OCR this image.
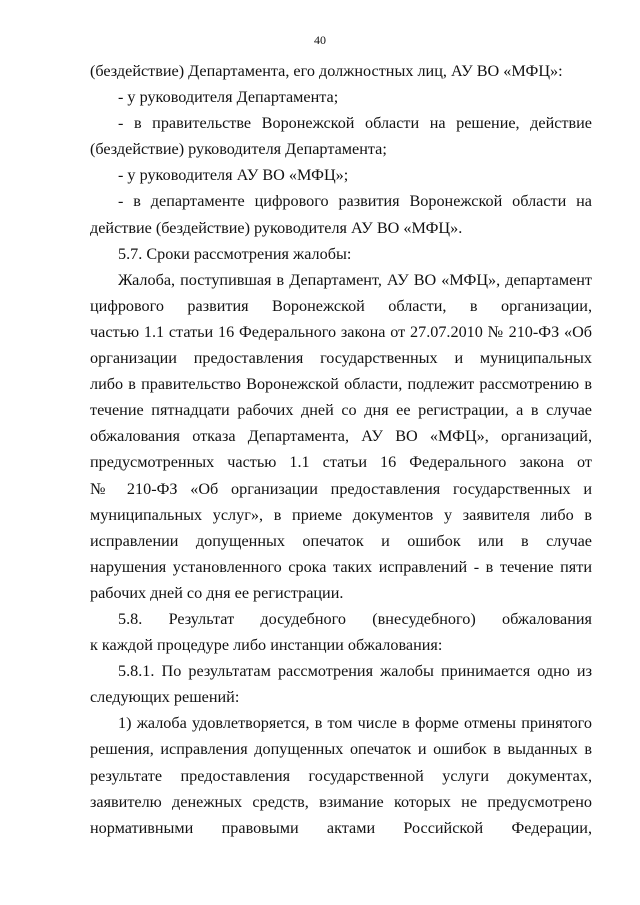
40
(бездействие) Департамента, его должностных лиц, АУ ВО «МФЦ»:
- у руководителя Департамента;
- в правительстве Воронежской области на решение, действие
(бездействие) руководителя Департамента;
- у руководителя АУ ВО «МФЦ»;
- в департаменте цифрового развития Воронежской области на
действие (бездействие) руководителя АУ ВО «МФЦ».
5.7. Сроки рассмотрения жалобы:
Жалоба, поступившая в Департамент, АУ ВО «МФЦ», департамент
цифрового развития Воронежской области, в организации,
частью 1.1 статьи 16 Федерального закона от 27.07.2010 № 210-ФЗ «Об
организации предоставления государственных и муниципальных
либо в правительство Воронежской области, подлежит рассмотрению в
течение пятнадцати рабочих дней со дня ее регистрации, а в случае
обжалования отказа Департамента, АУ ВО «МФЦ», организаций,
предусмотренных частью 1.1 статьи 16 Федерального закона от
№ 210-ФЗ «Об организации предоставления государственных и
муниципальных услуг», в приеме документов у заявителя либо в
исправлении допущенных опечаток и ошибок или в случае
нарушения установленного срока таких исправлений - в течение пяти
рабочих дней со дня ее регистрации.
5.8. Результат досудебного (внесудебного) обжалования
к каждой процедуре либо инстанции обжалования:
5.8.1. По результатам рассмотрения жалобы принимается одно из
следующих решений:
1) жалоба удовлетворяется, в том числе в форме отмены принятого
решения, исправления допущенных опечаток и ошибок в выданных в
результате предоставления государственной услуги документах,
заявителю денежных средств, взимание которых не предусмотрено
нормативными правовыми актами Российской Федерации,
